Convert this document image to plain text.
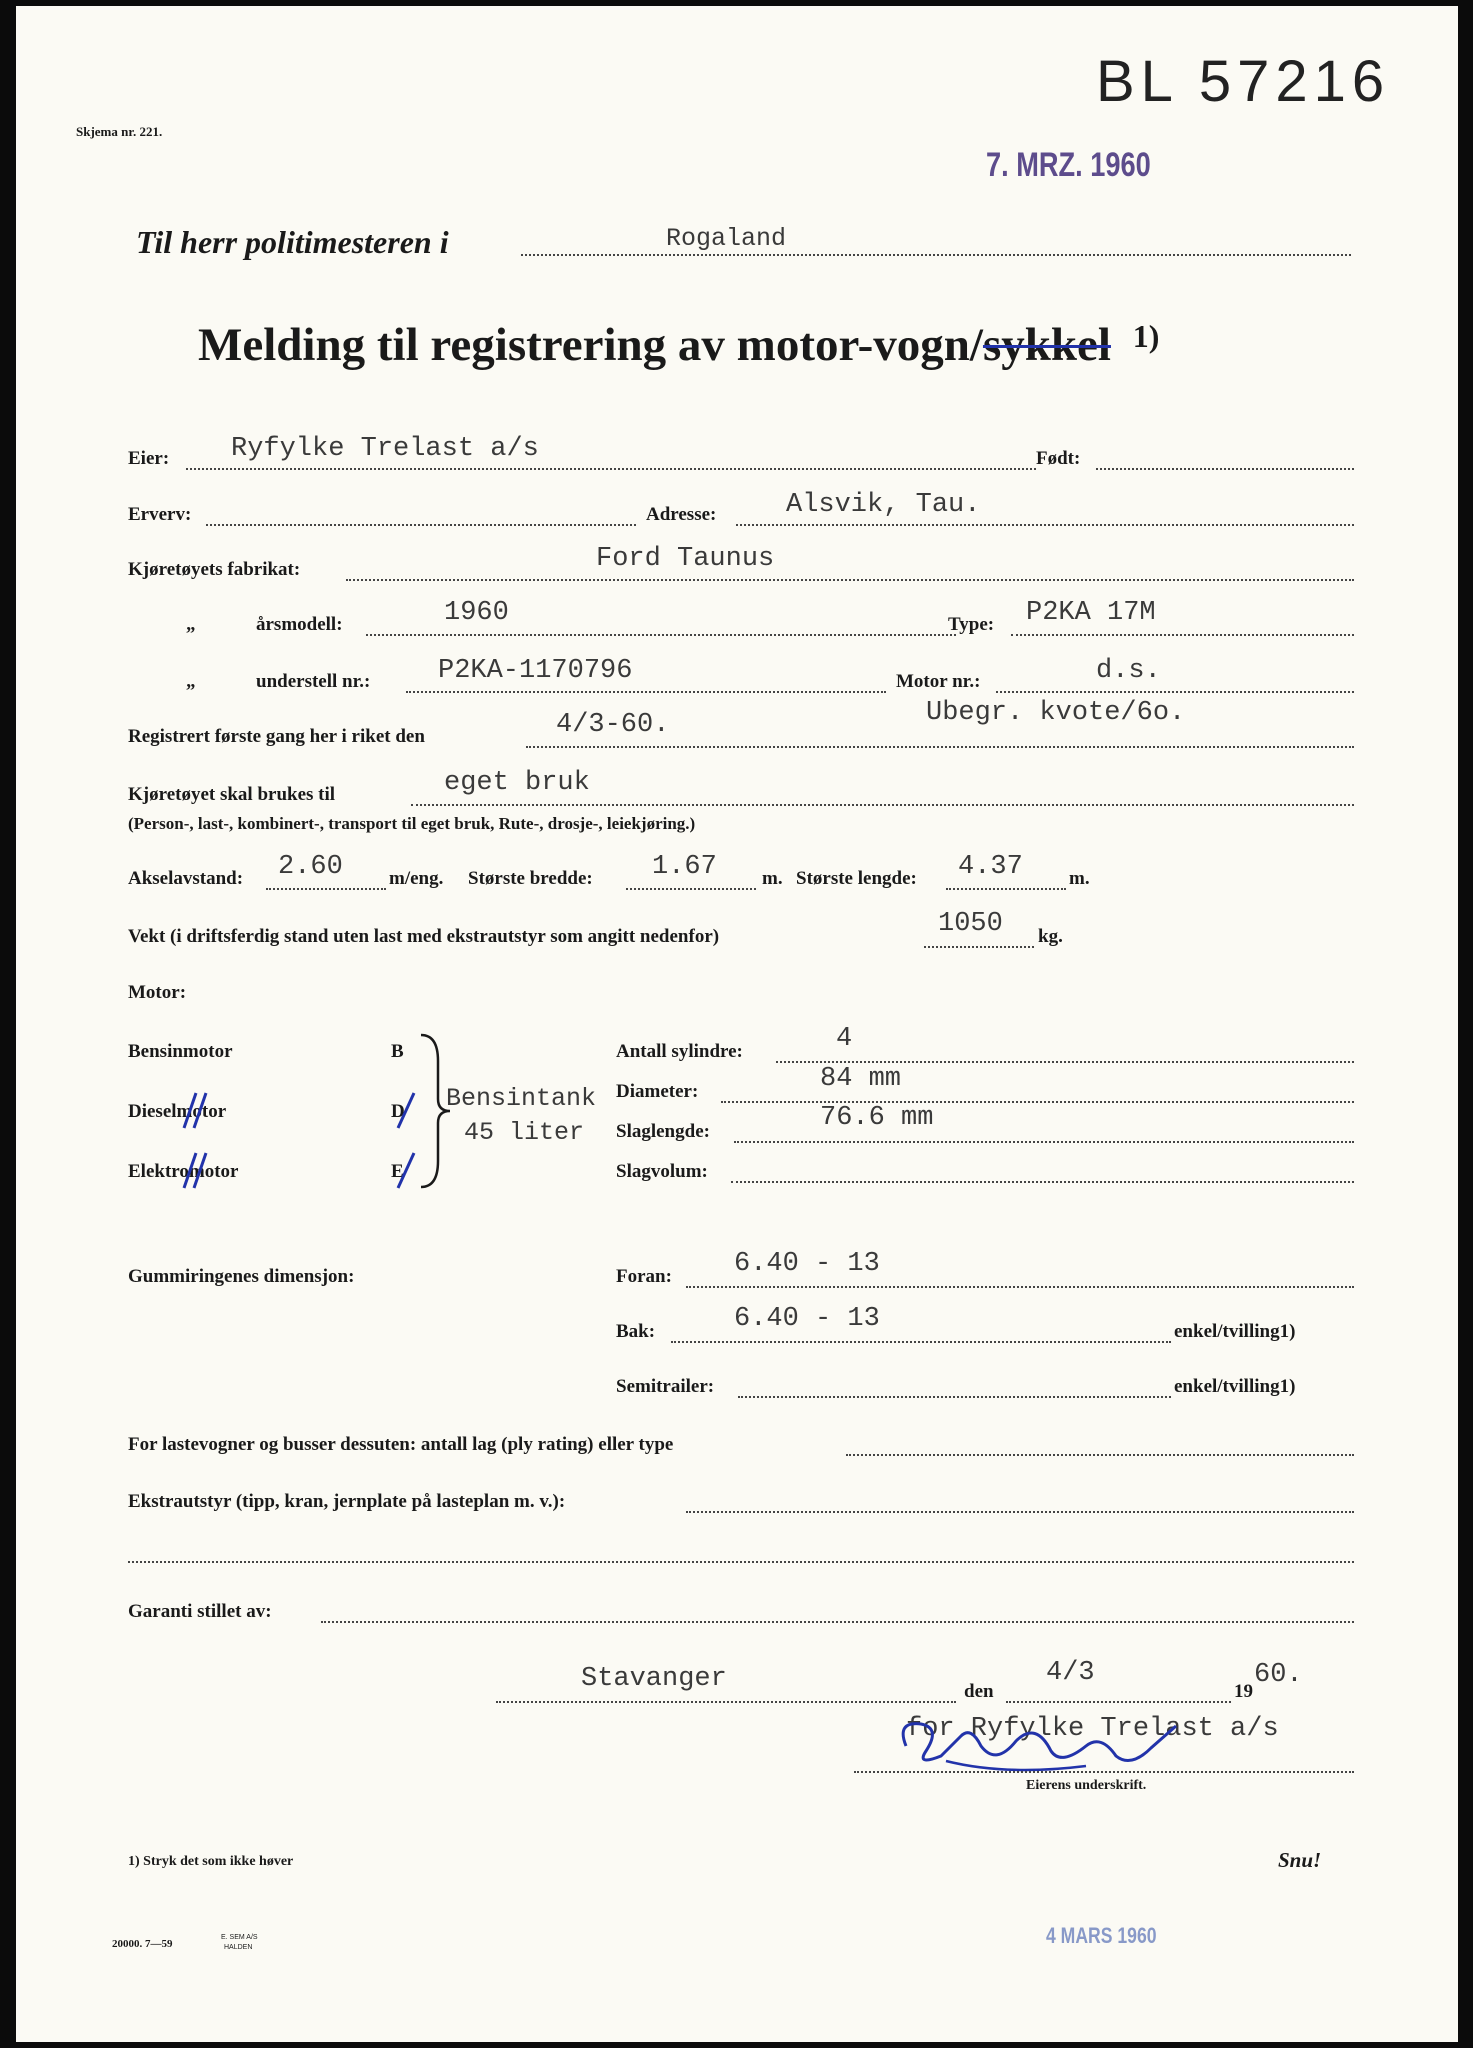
BL 57216
Skjema nr. 221.
7. MRZ. 1960
Til herr politimesteren i	Rogaland
Melding til registrering av motor-vogn/sykkel $^{1)}$
Eier: Ryfylke Trelast a/s	Født:
Erverv:	Adresse:	Alsvik, Tau.
Kjøretøyets fabrikat:	Ford Taunus
„	årsmodell:	1960	Type: P2KA 17M
„	understell nr.:	P2KA-1170796	Motor nr.:	d.s.
Ubegr. kvote/6o.
Registrert første gang her i riket den	4/3-60.
Kjøretøyet skal brukes til	eget bruk
(Person-, last-, kombinert-, transport til eget bruk, Rute-, drosje-, leiekjøring.)
Akselavstand: 2.60 m/eng. Største bredde: 1.67 m. Største lengde: 4.37 m.
Vekt (i driftsferdig stand uten last med ekstrautstyr som angitt nedenfor)	1050 kg.
Motor:
Bensinmotor	B
Dieselmotor	D
Elektromotor	E
Bensintank
45 liter
Antall sylindre:	4
Diameter:	84 mm
Slaglengde:	76.6 mm
Slagvolum:
Gummiringenes dimensjon:	Foran: 6.40 - 13
Bak:	6.40 - 13	enkel/tvilling1)
Semitrailer:	enkel/tvilling1)
For lastevogner og busser dessuten: antall lag (ply rating) eller type
Ekstrautstyr (tipp, kran, jernplate på lasteplan m. v.):
Garanti stillet av:
Stavanger	den
4/3
19
60.
for Ryfylke Trelast a/s
Eierens underskrift.
1) Stryk det som ikke høver	Snu!
20000. 7—59
E. SEM A/S
HALDEN	4 MARS 1960
